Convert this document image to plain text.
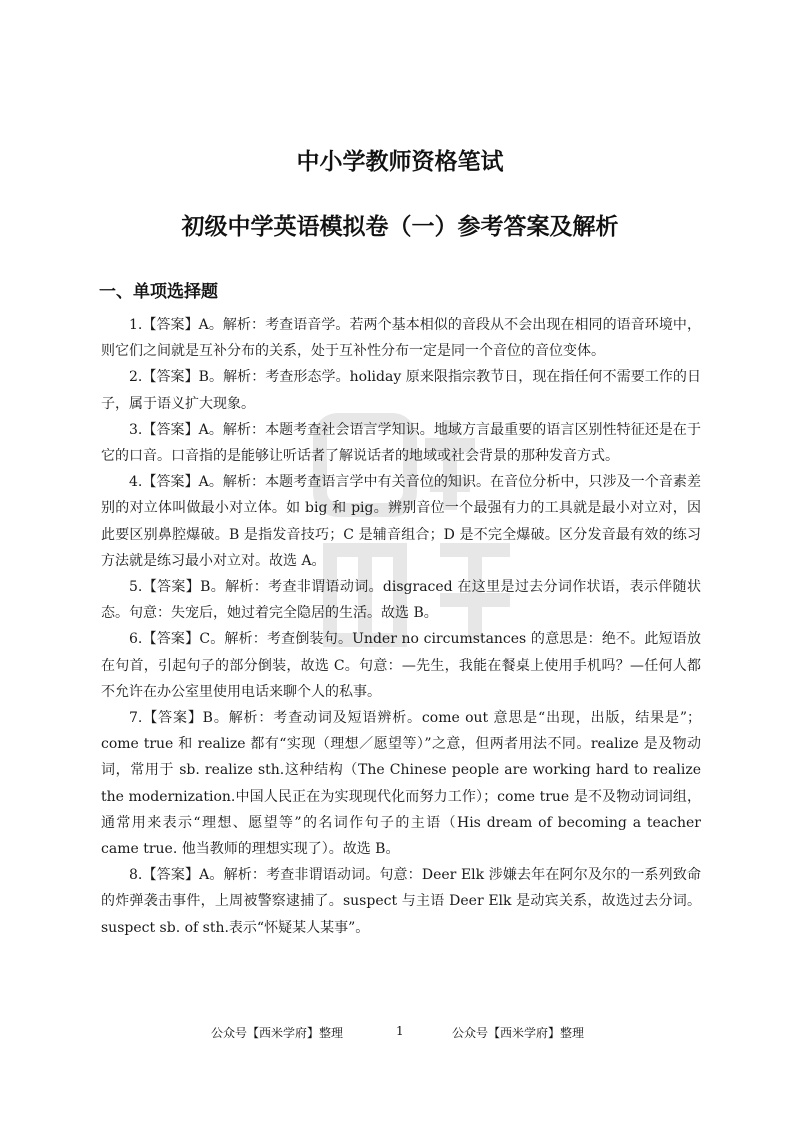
中小学教师资格笔试
初级中学英语模拟卷（一）参考答案及解析
一、单项选择题

1.【答案】A。解析：考查语音学。若两个基本相似的音段从不会出现在相同的语音环境中，则它们之间就是互补分布的关系，处于互补性分布一定是同一个音位的音位变体。

2.【答案】B。解析：考查形态学。holiday 原来限指宗教节日，现在指任何不需要工作的日子，属于语义扩大现象。

3.【答案】A。解析：本题考查社会语言学知识。地域方言最重要的语言区别性特征还是在于它的口音。口音指的是能够让听话者了解说话者的地域或社会背景的那种发音方式。

4.【答案】A。解析：本题考查语言学中有关音位的知识。在音位分析中，只涉及一个音素差别的对立体叫做最小对立体。如 big 和 pig。辨别音位一个最强有力的工具就是最小对立对，因此要区别鼻腔爆破。B 是指发音技巧；C 是辅音组合；D 是不完全爆破。区分发音最有效的练习方法就是练习最小对立对。故选 A。

5.【答案】B。解析：考查非谓语动词。disgraced 在这里是过去分词作状语，表示伴随状态。句意：失宠后，她过着完全隐居的生活。故选 B。

6.【答案】C。解析：考查倒装句。Under no circumstances 的意思是：绝不。此短语放在句首，引起句子的部分倒装，故选 C。句意：—先生，我能在餐桌上使用手机吗？—任何人都不允许在办公室里使用电话来聊个人的私事。

7.【答案】B。解析：考查动词及短语辨析。come out 意思是“出现，出版，结果是”；come true 和 realize 都有“实现（理想／愿望等）”之意，但两者用法不同。realize 是及物动词，常用于 sb. realize sth.这种结构（The Chinese people are working hard to realize the modernization.中国人民正在为实现现代化而努力工作）；come true 是不及物动词词组，通常用来表示“理想、愿望等”的名词作句子的主语（His dream of becoming a teacher came true. 他当教师的理想实现了）。故选 B。

8.【答案】A。解析：考查非谓语动词。句意：Deer Elk 涉嫌去年在阿尔及尔的一系列致命的炸弹袭击事件，上周被警察逮捕了。suspect 与主语 Deer Elk 是动宾关系，故选过去分词。suspect sb. of sth.表示“怀疑某人某事”。

公众号【西米学府】整理	1	公众号【西米学府】整理
